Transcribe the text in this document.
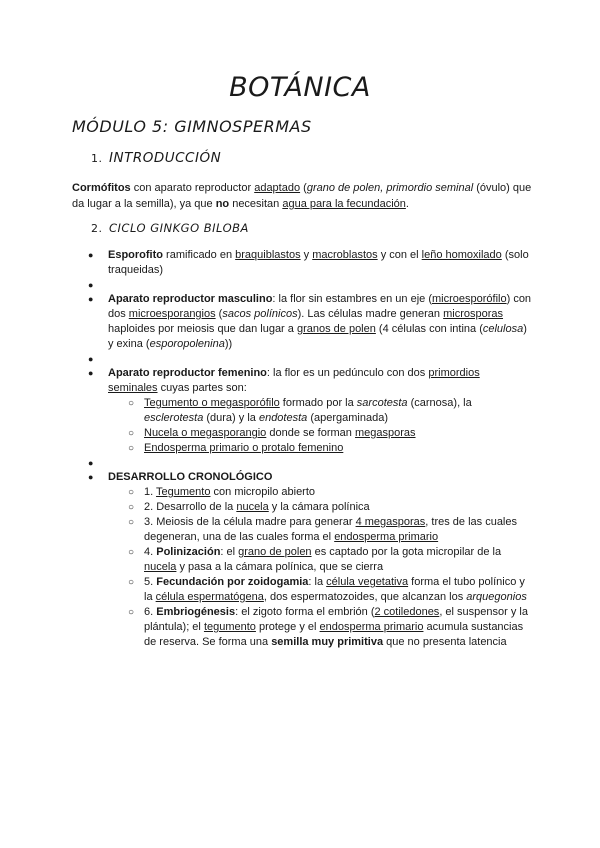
BOTÁNICA
MÓDULO 5: GIMNOSPERMAS
1. INTRODUCCIÓN

Cormófitos con aparato reproductor adaptado (grano de polen, primordio seminal (óvulo) que da lugar a la semilla), ya que no necesitan agua para la fecundación.

2. CICLO GINKGO BILOBA
● Esporofito ramificado en braquiblastos y macroblastos y con el leño homoxilado (solo traqueidas)
●
● Aparato reproductor masculino: la flor sin estambres en un eje (microesporófilo) con dos microesporangios (sacos polínicos). Las células madre generan microsporas haploides por meiosis que dan lugar a granos de polen (4 células con intina (celulosa) y exina (esporopolenina))
●
● Aparato reproductor femenino: la flor es un pedúnculo con dos primordios seminales cuyas partes son:
○ Tegumento o megasporófilo formado por la sarcotesta (carnosa), la esclerotesta (dura) y la endotesta (apergaminada)
○ Nucela o megasporangio donde se forman megasporas
○ Endosperma primario o protalo femenino
●
● DESARROLLO CRONOLÓGICO
○ 1. Tegumento con micropilo abierto
○ 2. Desarrollo de la nucela y la cámara polínica
○ 3. Meiosis de la célula madre para generar 4 megasporas, tres de las cuales degeneran, una de las cuales forma el endosperma primario
○ 4. Polinización: el grano de polen es captado por la gota micropilar de la nucela y pasa a la cámara polínica, que se cierra
○ 5. Fecundación por zoidogamia: la célula vegetativa forma el tubo polínico y la célula espermatógena, dos espermatozoides, que alcanzan los arquegonios
○ 6. Embriogénesis: el zigoto forma el embrión (2 cotiledones, el suspensor y la plántula); el tegumento protege y el endosperma primario acumula sustancias de reserva. Se forma una semilla muy primitiva que no presenta latencia
